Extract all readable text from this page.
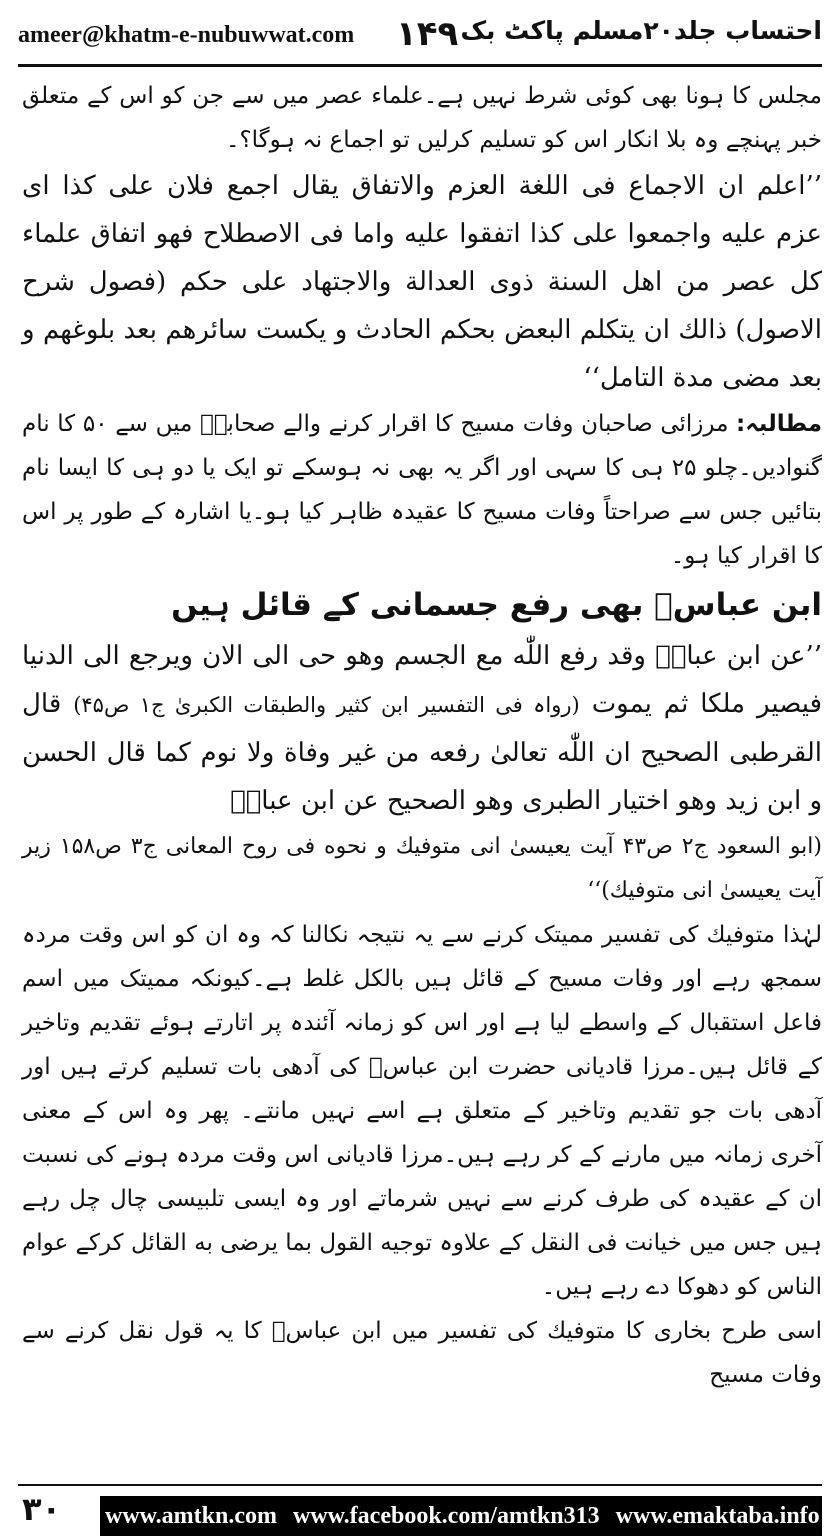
ameer@khatm-e-nubuwwat.com ۱۴۹ احتساب جلد۲۰مسلم پاکٹ بک

مجلس کا ہونا بھی کوئی شرط نہیں ہے۔علماء عصر میں سے جن کو اس کے متعلق خبر پہنچے وہ بلا انکار اس کو تسلیم کرلیں تو اجماع نہ ہوگا؟۔

’’اعلم ان الاجماع فی اللغة العزم والاتفاق یقال اجمع فلان علی کذا ای عزم علیه واجمعوا علی کذا اتفقوا علیه واما فی الاصطلاح فهو اتفاق علماء کل عصر من اهل السنة ذوی العدالة والاجتهاد علی حکم (فصول شرح الاصول) ذالك ان یتکلم البعض بحکم الحادث و یکست سائرهم بعد بلوغهم و بعد مضی مدة التامل‘‘

مطالبہ: مرزائی صاحبان وفات مسیح کا اقرار کرنے والے صحابہؓ میں سے ۵۰ کا نام گنوادیں۔چلو ۲۵ ہی کا سہی اور اگر یہ بھی نہ ہوسکے تو ایک یا دو ہی کا ایسا نام بتائیں جس سے صراحتاً وفات مسیح کا عقیدہ ظاہر کیا ہو۔یا اشارہ کے طور پر اس کا اقرار کیا ہو۔

ابن عباسؓ بھی رفع جسمانی کے قائل ہیں

’’عن ابن عباسؓ وقد رفع اللّٰه مع الجسم وهو حی الی الان ویرجع الی الدنیا فیصیر ملکا ثم یموت (رواہ فی التفسیر ابن کثیر والطبقات الکبریٰ ج۱ ص۴۵) قال القرطبی الصحیح ان اللّٰه تعالیٰ رفعه من غیر وفاة ولا نوم کما قال الحسن و ابن زید وهو اختیار الطبری وهو الصحیح عن ابن عباسؓ

(ابو السعود ج۲ ص۴۳ آیت یعیسیٰ انی متوفیك و نحوه فی روح المعانی ج۳ ص۱۵۸ زیر آیت یعیسیٰ انی متوفیك)‘‘

لہٰذا متوفیك کی تفسیر ممیتک کرنے سے یہ نتیجہ نکالنا کہ وہ ان کو اس وقت مردہ سمجھ رہے اور وفات مسیح کے قائل ہیں بالکل غلط ہے۔کیونکہ ممیتک میں اسم فاعل استقبال کے واسطے لیا ہے اور اس کو زمانہ آئندہ پر اتارتے ہوئے تقدیم وتاخیر کے قائل ہیں۔مرزا قادیانی حضرت ابن عباسؓ کی آدھی بات تسلیم کرتے ہیں اور آدھی بات جو تقدیم وتاخیر کے متعلق ہے اسے نہیں مانتے۔ پھر وہ اس کے معنی آخری زمانہ میں مارنے کے کر رہے ہیں۔مرزا قادیانی اس وقت مردہ ہونے کی نسبت ان کے عقیدہ کی طرف کرنے سے نہیں شرماتے اور وہ ایسی تلبیسی چال چل رہے ہیں جس میں خیانت فی النقل کے علاوہ توجیه القول بما یرضی به القائل کرکے عوام الناس کو دھوکا دے رہے ہیں۔

اسی طرح بخاری کا متوفیك کی تفسیر میں ابن عباسؓ کا یہ قول نقل کرنے سے وفات مسیح

۳۰ www.amtkn.com www.facebook.com/amtkn313 www.emaktaba.info
